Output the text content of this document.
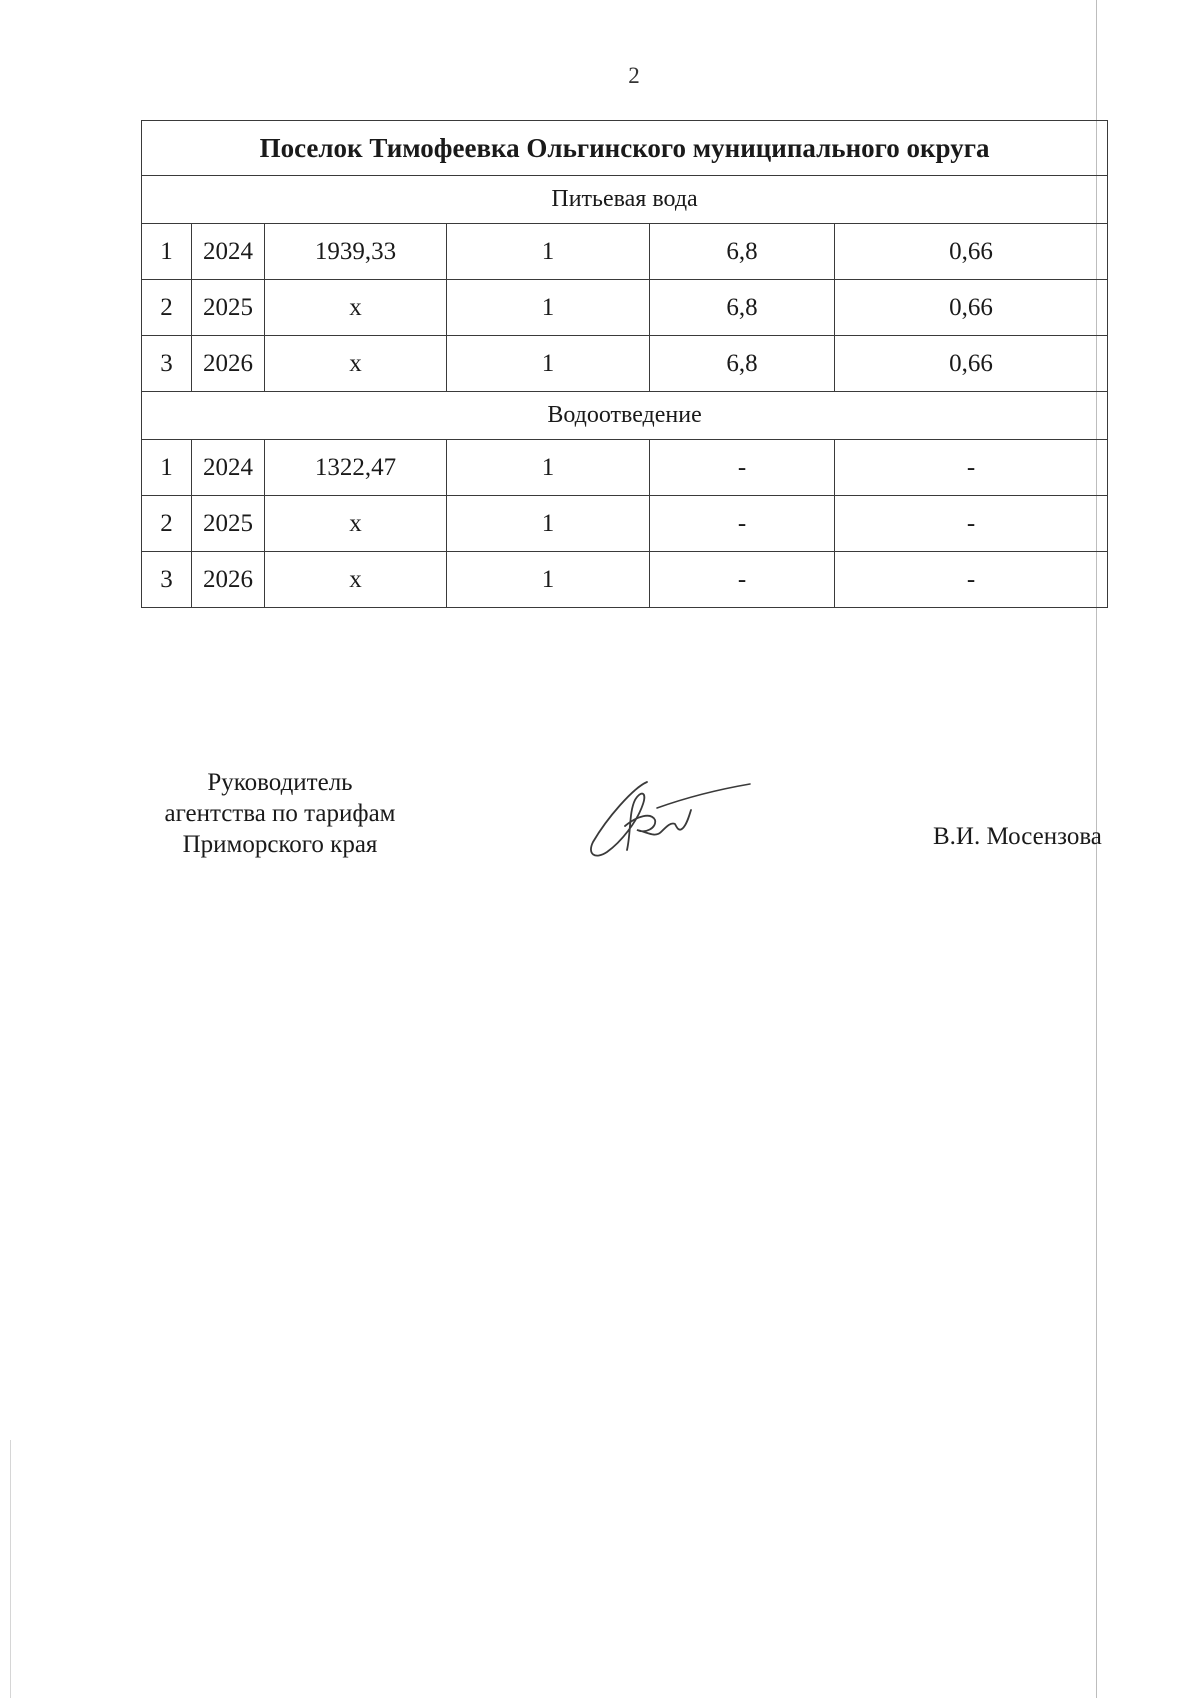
2
Поселок Тимофеевка Ольгинского муниципального округа					
Питьевая вода					
1	2024	1939,33	1	6,8	0,66
2	2025	х	1	6,8	0,66
3	2026	х	1	6,8	0,66
Водоотведение					
1	2024	1322,47	1	-	-
2	2025	х	1	-	-
3	2026	х	1	-	-
Руководитель
агентства по тарифам
Приморского края	В.И. Мосензова
